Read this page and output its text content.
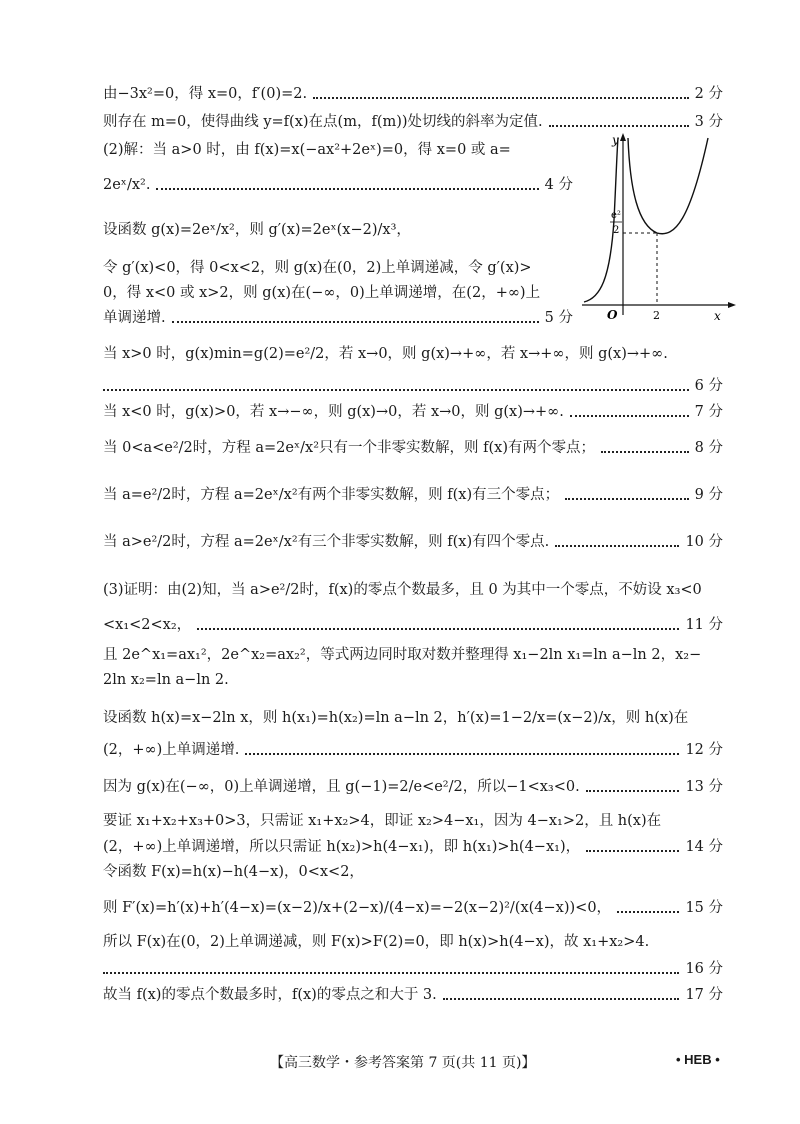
由−3x²=0，得 x=0，f′(0)=2.	2 分
则存在 m=0，使得曲线 y=f(x)在点(m，f(m))处切线的斜率为定值.	3 分
(2)解：当 a>0 时，由 f(x)=x(−ax²+2eˣ)=0，得 x=0 或 a=
2eˣ/x².	4 分
设函数 g(x)=2eˣ/x²，则 g′(x)=2eˣ(x−2)/x³，
令 g′(x)<0，得 0<x<2，则 g(x)在(0，2)上单调递减，令 g′(x)>
0，得 x<0 或 x>2，则 g(x)在(−∞，0)上单调递增，在(2，+∞)上
单调递增.	5 分
当 x>0 时，g(x)min=g(2)=e²/2，若 x→0，则 g(x)→+∞，若 x→+∞，则 g(x)→+∞.
6 分
当 x<0 时，g(x)>0，若 x→−∞，则 g(x)→0，若 x→0，则 g(x)→+∞.	7 分
当 0<a<e²/2时，方程 a=2eˣ/x²只有一个非零实数解，则 f(x)有两个零点；	8 分
当 a=e²/2时，方程 a=2eˣ/x²有两个非零实数解，则 f(x)有三个零点；	9 分
当 a>e²/2时，方程 a=2eˣ/x²有三个非零实数解，则 f(x)有四个零点.	10 分
(3)证明：由(2)知，当 a>e²/2时，f(x)的零点个数最多，且 0 为其中一个零点，不妨设 x₃<0
<x₁<2<x₂，	11 分
且 2e^x₁=ax₁²，2e^x₂=ax₂²，等式两边同时取对数并整理得 x₁−2ln x₁=ln a−ln 2，x₂−
2ln x₂=ln a−ln 2.
设函数 h(x)=x−2ln x，则 h(x₁)=h(x₂)=ln a−ln 2，h′(x)=1−2/x=(x−2)/x，则 h(x)在
(2，+∞)上单调递增.	12 分
因为 g(x)在(−∞，0)上单调递增，且 g(−1)=2/e<e²/2，所以−1<x₃<0.	13 分
要证 x₁+x₂+x₃+0>3，只需证 x₁+x₂>4，即证 x₂>4−x₁，因为 4−x₁>2，且 h(x)在
(2，+∞)上单调递增，所以只需证 h(x₂)>h(4−x₁)，即 h(x₁)>h(4−x₁)，	14 分
令函数 F(x)=h(x)−h(4−x)，0<x<2，
则 F′(x)=h′(x)+h′(4−x)=(x−2)/x+(2−x)/(4−x)=−2(x−2)²/(x(4−x))<0，	15 分
所以 F(x)在(0，2)上单调递减，则 F(x)>F(2)=0，即 h(x)>h(4−x)，故 x₁+x₂>4.
16 分
故当 f(x)的零点个数最多时，f(x)的零点之和大于 3.	17 分
y
x
O	2
e²
2
【高三数学・参考答案第 7 页(共 11 页)】	• HEB •
